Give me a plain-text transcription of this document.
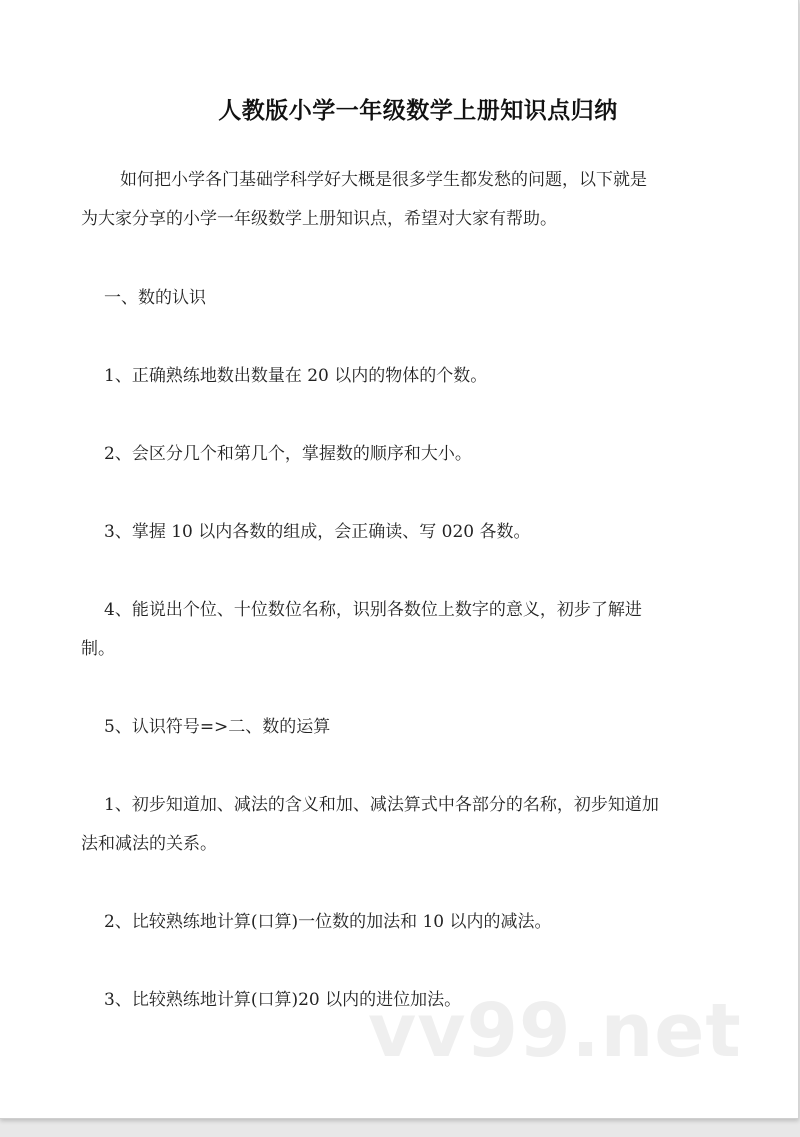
人教版小学一年级数学上册知识点归纳
如何把小学各门基础学科学好大概是很多学生都发愁的问题，以下就是
为大家分享的小学一年级数学上册知识点，希望对大家有帮助。
一、数的认识
1、正确熟练地数出数量在 20 以内的物体的个数。
2、会区分几个和第几个，掌握数的顺序和大小。
3、掌握 10 以内各数的组成，会正确读、写 020 各数。
4、能说出个位、十位数位名称，识别各数位上数字的意义，初步了解进
制。
5、认识符号=>二、数的运算
1、初步知道加、减法的含义和加、减法算式中各部分的名称，初步知道加
法和减法的关系。
2、比较熟练地计算(口算)一位数的加法和 10 以内的减法。
3、比较熟练地计算(口算)20 以内的进位加法。
vv99.net
